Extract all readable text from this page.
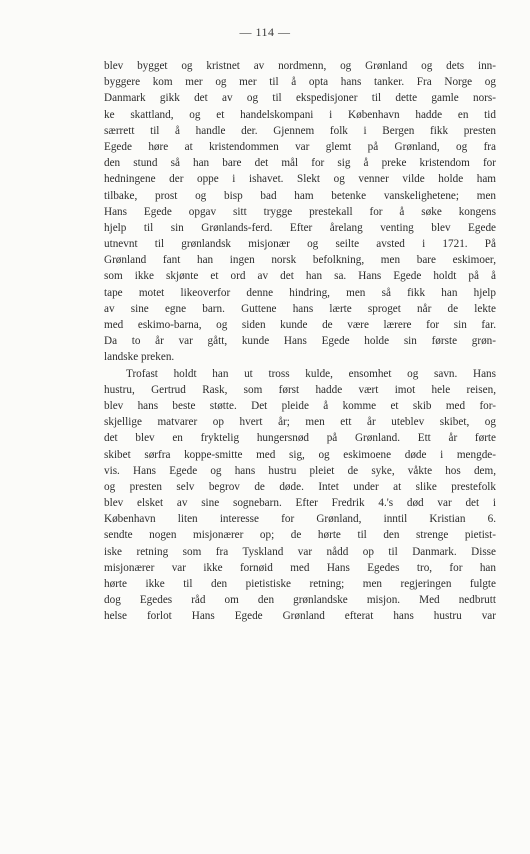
— 114 —
blev bygget og kristnet av nordmenn, og Grønland og dets inn-
byggere kom mer og mer til å opta hans tanker. Fra Norge og
Danmark gikk det av og til ekspedisjoner til dette gamle nors-
ke skattland, og et handelskompani i København hadde en tid
særrett til å handle der. Gjennem folk i Bergen fikk presten
Egede høre at kristendommen var glemt på Grønland, og fra
den stund så han bare det mål for sig å preke kristendom for
hedningene der oppe i ishavet. Slekt og venner vilde holde ham
tilbake, prost og bisp bad ham betenke vanskelighetene; men
Hans Egede opgav sitt trygge prestekall for å søke kongens
hjelp til sin Grønlands-ferd. Efter årelang venting blev Egede
utnevnt til grønlandsk misjonær og seilte avsted i 1721. På
Grønland fant han ingen norsk befolkning, men bare eskimoer,
som ikke skjønte et ord av det han sa. Hans Egede holdt på å
tape motet likeoverfor denne hindring, men så fikk han hjelp
av sine egne barn. Guttene hans lærte sproget når de lekte
med eskimo-barna, og siden kunde de være lærere for sin far.
Da to år var gått, kunde Hans Egede holde sin første grøn-
landske preken.
Trofast holdt han ut tross kulde, ensomhet og savn. Hans
hustru, Gertrud Rask, som først hadde vært imot hele reisen,
blev hans beste støtte. Det pleide å komme et skib med for-
skjellige matvarer op hvert år; men ett år uteblev skibet, og
det blev en fryktelig hungersnød på Grønland. Ett år førte
skibet sørfra koppe-smitte med sig, og eskimoene døde i mengde-
vis. Hans Egede og hans hustru pleiet de syke, våkte hos dem,
og presten selv begrov de døde. Intet under at slike prestefolk
blev elsket av sine sognebarn. Efter Fredrik 4.'s død var det i
København liten interesse for Grønland, inntil Kristian 6.
sendte nogen misjonærer op; de hørte til den strenge pietist-
iske retning som fra Tyskland var nådd op til Danmark. Disse
misjonærer var ikke fornøid med Hans Egedes tro, for han
hørte ikke til den pietistiske retning; men regjeringen fulgte
dog Egedes råd om den grønlandske misjon. Med nedbrutt
helse forlot Hans Egede Grønland efterat hans hustru var
